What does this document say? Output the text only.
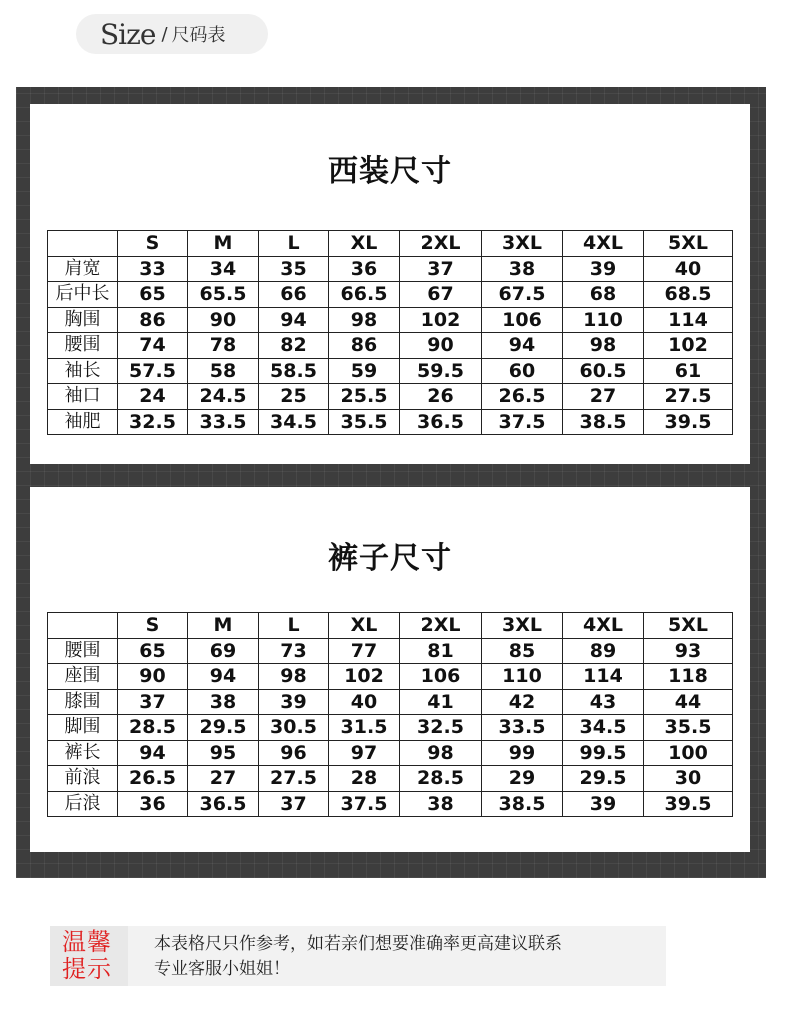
Size / 尺码表
西装尺寸
	S	M	L	XL	2XL	3XL	4XL	5XL
肩宽	33	34	35	36	37	38	39	40
后中长	65	65.5	66	66.5	67	67.5	68	68.5
胸围	86	90	94	98	102	106	110	114
腰围	74	78	82	86	90	94	98	102
袖长	57.5	58	58.5	59	59.5	60	60.5	61
袖口	24	24.5	25	25.5	26	26.5	27	27.5
袖肥	32.5	33.5	34.5	35.5	36.5	37.5	38.5	39.5
裤子尺寸
	S	M	L	XL	2XL	3XL	4XL	5XL
腰围	65	69	73	77	81	85	89	93
座围	90	94	98	102	106	110	114	118
膝围	37	38	39	40	41	42	43	44
脚围	28.5	29.5	30.5	31.5	32.5	33.5	34.5	35.5
裤长	94	95	96	97	98	99	99.5	100
前浪	26.5	27	27.5	28	28.5	29	29.5	30
后浪	36	36.5	37	37.5	38	38.5	39	39.5
温馨
提示
本表格尺只作参考，如若亲们想要准确率更高建议联系
专业客服小姐姐！
